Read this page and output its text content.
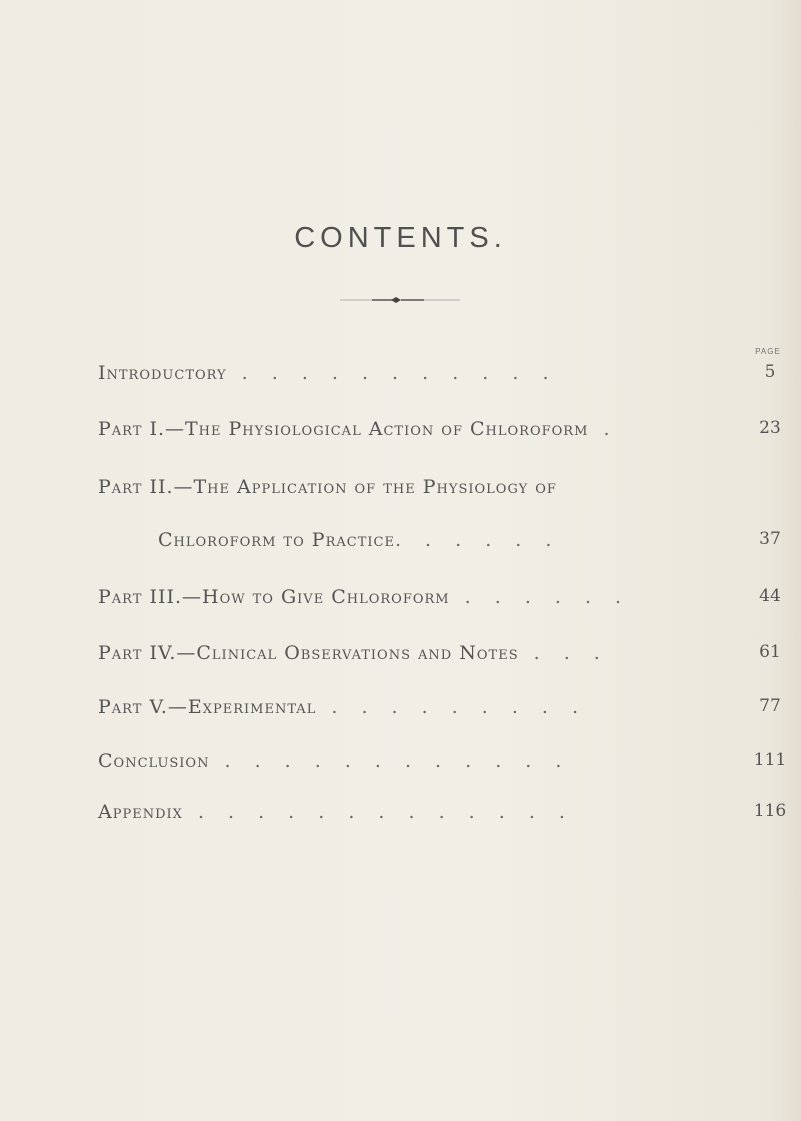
CONTENTS.
PAGE
Introductory . . . . . . . . . . .	5
Part I.—The Physiological Action of Chloroform .	23
Part II.—The Application of the Physiology of
Chloroform to Practice. . . . . .	37
Part III.—How to Give Chloroform . . . . . .	44
Part IV.—Clinical Observations and Notes . . .	61
Part V.—Experimental . . . . . . . . .	77
Conclusion . . . . . . . . . . . .	111
Appendix . . . . . . . . . . . . .	116
